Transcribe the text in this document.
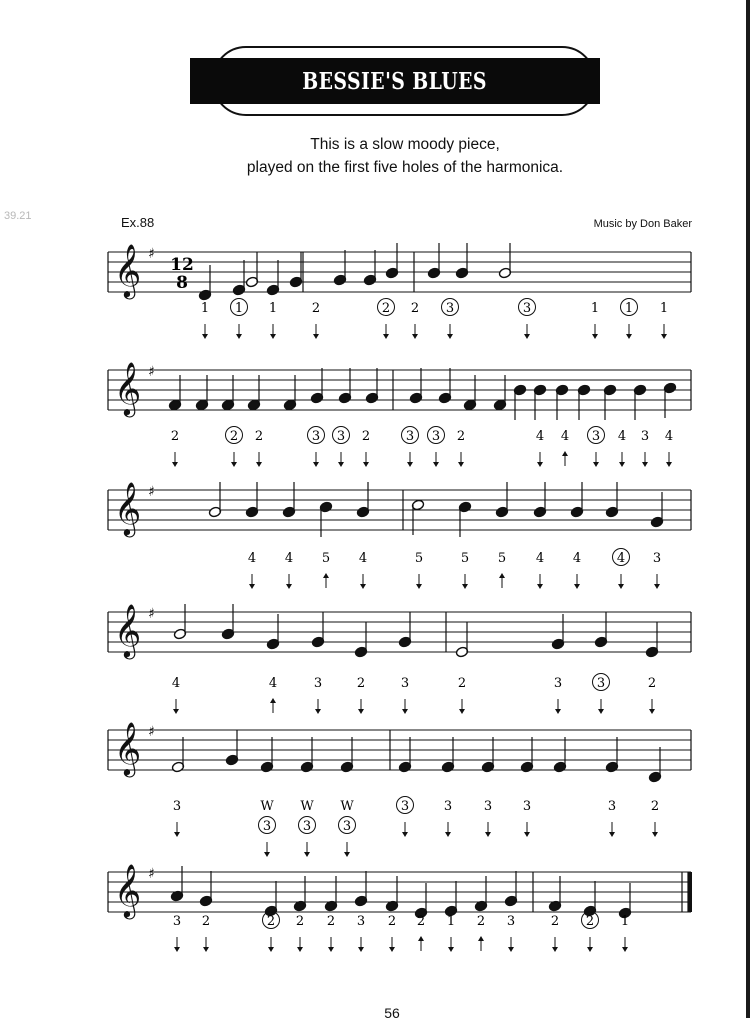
BESSIE'S BLUES
This is a slow moody piece,
played on the first five holes of the harmonica.
39.21	Ex.88	Music by Don Baker
𝄞 ♯
12
8
1 1 1	2	2 2 3	3	1 1 1
𝄞 ♯
2	2 2	3 3 2	3 3 2	4 4 3 4 3 4
𝄞 ♯
4 4 5 4	5	5 5 4 4	4 3
𝄞 ♯
4	4	3	2	3	2	3	3	2
𝄞 ♯
3	W
3
W
3
W
3
3	3 3 3	3	2
𝄞 ♯
3 2	2 2 2 3 2 2 1 2 3	2 2 1
56
